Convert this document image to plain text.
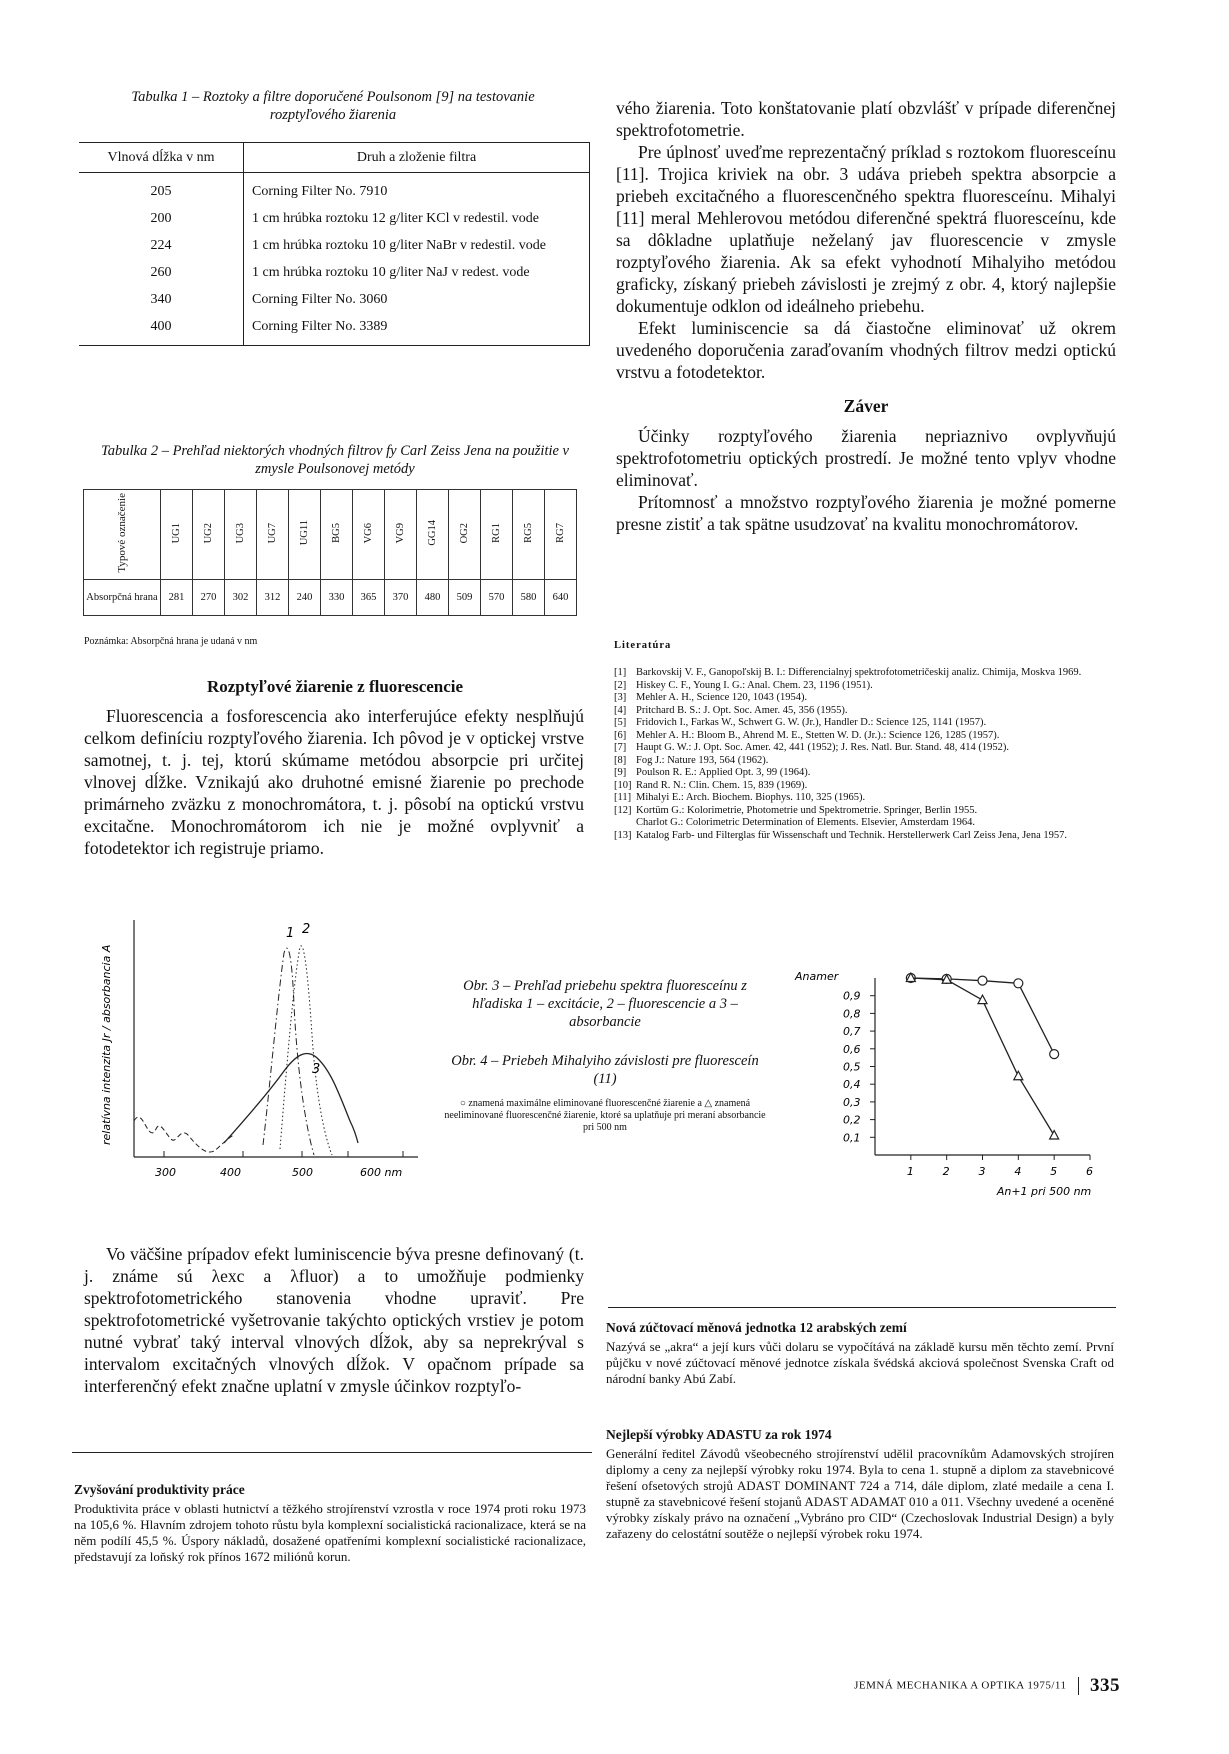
Tabulka 1 – Roztoky a filtre doporučené Poulsonom [9] na testovanie rozptyľového žiarenia
Vlnová dĺžka v nm	Druh a zloženie filtra
205	Corning Filter No. 7910
200	1 cm hrúbka roztoku 12 g/liter KCl v redestil. vode
224	1 cm hrúbka roztoku 10 g/liter NaBr v redestil. vode
260	1 cm hrúbka roztoku 10 g/liter NaJ v redest. vode
340	Corning Filter No. 3060
400	Corning Filter No. 3389
Tabulka 2 – Prehľad niektorých vhodných filtrov fy Carl Zeiss Jena na použitie v zmysle Poulsonovej metódy
Typové označenie	UG1	UG2	UG3	UG7	UG11	BG5	VG6	VG9	GG14	OG2	RG1	RG5	RG7
Absorpčná hrana	281	270	302	312	240	330	365	370	480	509	570	580	640
Poznámka: Absorpčná hrana je udaná v nm
Rozptyľové žiarenie z fluorescencie

Fluorescencia a fosforescencia ako interferujúce efekty nesplňujú celkom definíciu rozptyľového žiarenia. Ich pôvod je v optickej vrstve samotnej, t. j. tej, ktorú skúmame metódou absorpcie pri určitej vlnovej dĺžke. Vznikajú ako druhotné emisné žiarenie po prechode primárneho zväzku z monochromátora, t. j. pôsobí na optickú vrstvu excitačne. Monochromátorom ich nie je možné ovplyvniť a fotodetektor ich registruje priamo.

1 2
3
300	400	500	600 nm
relatívna intenzita Jr / absorbancia A	Obr. 3 – Prehľad priebehu spektra fluoresceínu z hľadiska 1 – excitácie, 2 – fluorescencie a 3 – absorbancie
Obr. 4 – Priebeh Mihalyiho závislosti pre fluoresceín (11)
○ znamená maximálne eliminované fluorescenčné žiarenie a △ znamená neeliminované fluorescenčné žiarenie, ktoré sa uplatňuje pri meraní absorbancie pri 500 nm
Anamer
0,9
0,8
0,7
0,6
0,5
0,4
0,3
0,2
0,1
1	2	3	4	5	6
An+1 pri 500 nm

Vo väčšine prípadov efekt luminiscencie býva presne definovaný (t. j. známe sú λexc a λfluor) a to umožňuje podmienky spektrofotometrického stanovenia vhodne upraviť. Pre spektrofotometrické vyšetrovanie takýchto optických vrstiev je potom nutné vybrať taký interval vlnových dĺžok, aby sa neprekrýval s intervalom excitačných vlnových dĺžok. V opačnom prípade sa interferenčný efekt značne uplatní v zmysle účinkov rozptyľo-

Zvyšování produktivity práce

Produktivita práce v oblasti hutnictví a těžkého strojírenství vzrostla v roce 1974 proti roku 1973 na 105,6 %. Hlavním zdrojem tohoto růstu byla komplexní socialistická racionalizace, která se na něm podílí 45,5 %. Úspory nákladů, dosažené opatřeními komplexní socialistické racionalizace, představují za loňský rok přínos 1672 miliónů korun.

vého žiarenia. Toto konštatovanie platí obzvlášť v prípade diferenčnej spektrofotometrie.

Pre úplnosť uveďme reprezentačný príklad s roztokom fluoresceínu [11]. Trojica kriviek na obr. 3 udáva priebeh spektra absorpcie a priebeh excitačného a fluorescenčného spektra fluoresceínu. Mihalyi [11] meral Mehlerovou metódou diferenčné spektrá fluoresceínu, kde sa dôkladne uplatňuje neželaný jav fluorescencie v zmysle rozptyľového žiarenia. Ak sa efekt vyhodnotí Mihalyiho metódou graficky, získaný priebeh závislosti je zrejmý z obr. 4, ktorý najlepšie dokumentuje odklon od ideálneho priebehu.

Efekt luminiscencie sa dá čiastočne eliminovať už okrem uvedeného doporučenia zaraďovaním vhodných filtrov medzi optickú vrstvu a fotodetektor.

Záver

Účinky rozptyľového žiarenia nepriaznivo ovplyvňujú spektrofotometriu optických prostredí. Je možné tento vplyv vhodne eliminovať.

Prítomnosť a množstvo rozptyľového žiarenia je možné pomerne presne zistiť a tak spätne usudzovať na kvalitu monochromátorov.

Literatúra
[1] Barkovskij V. F., Ganopoľskij B. I.: Differencialnyj spektrofotometričeskij analiz. Chimija, Moskva 1969.
[2] Hiskey C. F., Young I. G.: Anal. Chem. 23, 1196 (1951).
[3] Mehler A. H., Science 120, 1043 (1954).
[4] Pritchard B. S.: J. Opt. Soc. Amer. 45, 356 (1955).
[5] Fridovich I., Farkas W., Schwert G. W. (Jr.), Handler D.: Science 125, 1141 (1957).
[6] Mehler A. H.: Bloom B., Ahrend M. E., Stetten W. D. (Jr.).: Science 126, 1285 (1957).
[7] Haupt G. W.: J. Opt. Soc. Amer. 42, 441 (1952); J. Res. Natl. Bur. Stand. 48, 414 (1952).
[8] Fog J.: Nature 193, 564 (1962).
[9] Poulson R. E.: Applied Opt. 3, 99 (1964).
[10] Rand R. N.: Clin. Chem. 15, 839 (1969).
[11] Mihalyi E.: Arch. Biochem. Biophys. 110, 325 (1965).
[12] Kortüm G.: Kolorimetrie, Photometrie und Spektrometrie. Springer, Berlin 1955.
Charlot G.: Colorimetric Determination of Elements. Elsevier, Amsterdam 1964.
[13] Katalog Farb- und Filterglas für Wissenschaft und Technik. Herstellerwerk Carl Zeiss Jena, Jena 1957.
Nová zúčtovací měnová jednotka 12 arabských zemí

Nazývá se „akra“ a její kurs vůči dolaru se vypočítává na základě kursu měn těchto zemí. První půjčku v nové zúčtovací měnové jednotce získala švédská akciová společnost Svenska Craft od národní banky Abú Zabí.

Nejlepší výrobky ADASTU za rok 1974

Generální ředitel Závodů všeobecného strojírenství udělil pracovníkům Adamovských strojíren diplomy a ceny za nejlepší výrobky roku 1974. Byla to cena 1. stupně a diplom za stavebnicové řešení ofsetových strojů ADAST DOMINANT 724 a 714, dále diplom, zlaté medaile a cena I. stupně za stavebnicové řešení stojanů ADAST ADAMAT 010 a 011. Všechny uvedené a oceněné výrobky získaly právo na označení „Vybráno pro CID“ (Czechoslovak Industrial Design) a byly zařazeny do celostátní soutěže o nejlepší výrobek roku 1974.

JEMNÁ MECHANIKA A OPTIKA 1975/11 335
